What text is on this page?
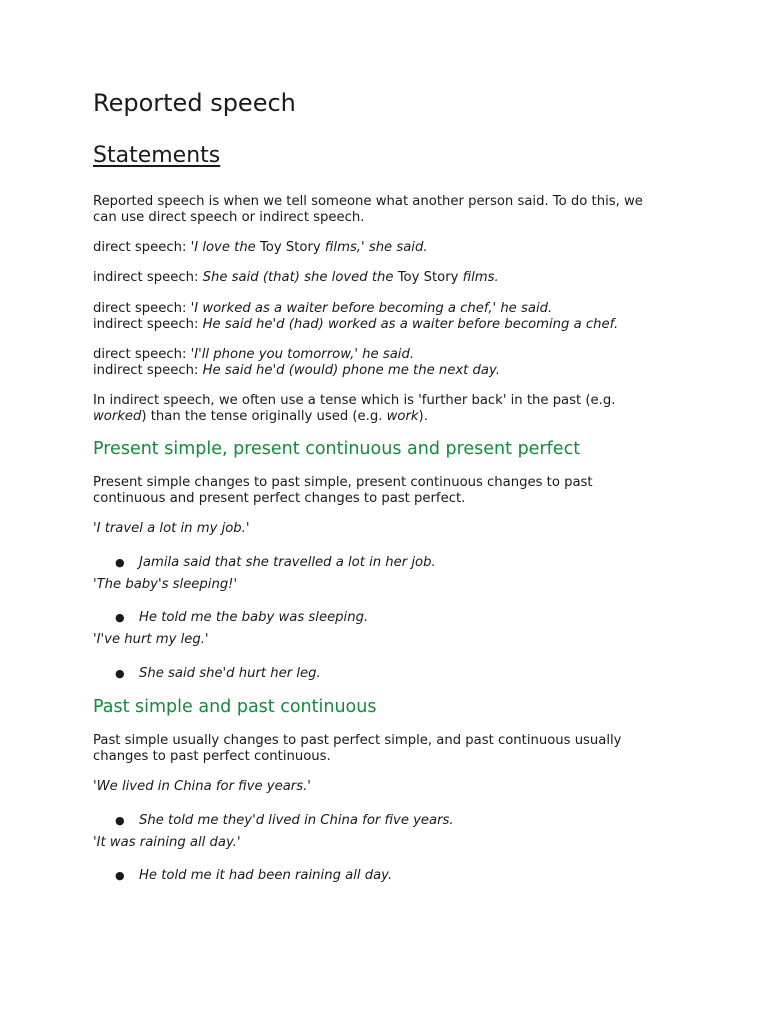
Reported speech
Statements

Reported speech is when we tell someone what another person said. To do this, we

can use direct speech or indirect speech.

direct speech: 'I love the Toy Story films,' she said.

indirect speech: She said (that) she loved the Toy Story films.

direct speech: 'I worked as a waiter before becoming a chef,' he said.

indirect speech: He said he'd (had) worked as a waiter before becoming a chef.

direct speech: 'I'll phone you tomorrow,' he said.

indirect speech: He said he'd (would) phone me the next day.

In indirect speech, we often use a tense which is 'further back' in the past (e.g.

worked) than the tense originally used (e.g. work).

Present simple, present continuous and present perfect

Present simple changes to past simple, present continuous changes to past

continuous and present perfect changes to past perfect.

'I travel a lot in my job.'

● Jamila said that she travelled a lot in her job.

'The baby's sleeping!'

● He told me the baby was sleeping.

'I've hurt my leg.'

● She said she'd hurt her leg.

Past simple and past continuous

Past simple usually changes to past perfect simple, and past continuous usually

changes to past perfect continuous.

'We lived in China for five years.'

● She told me they'd lived in China for five years.

'It was raining all day.'

● He told me it had been raining all day.
